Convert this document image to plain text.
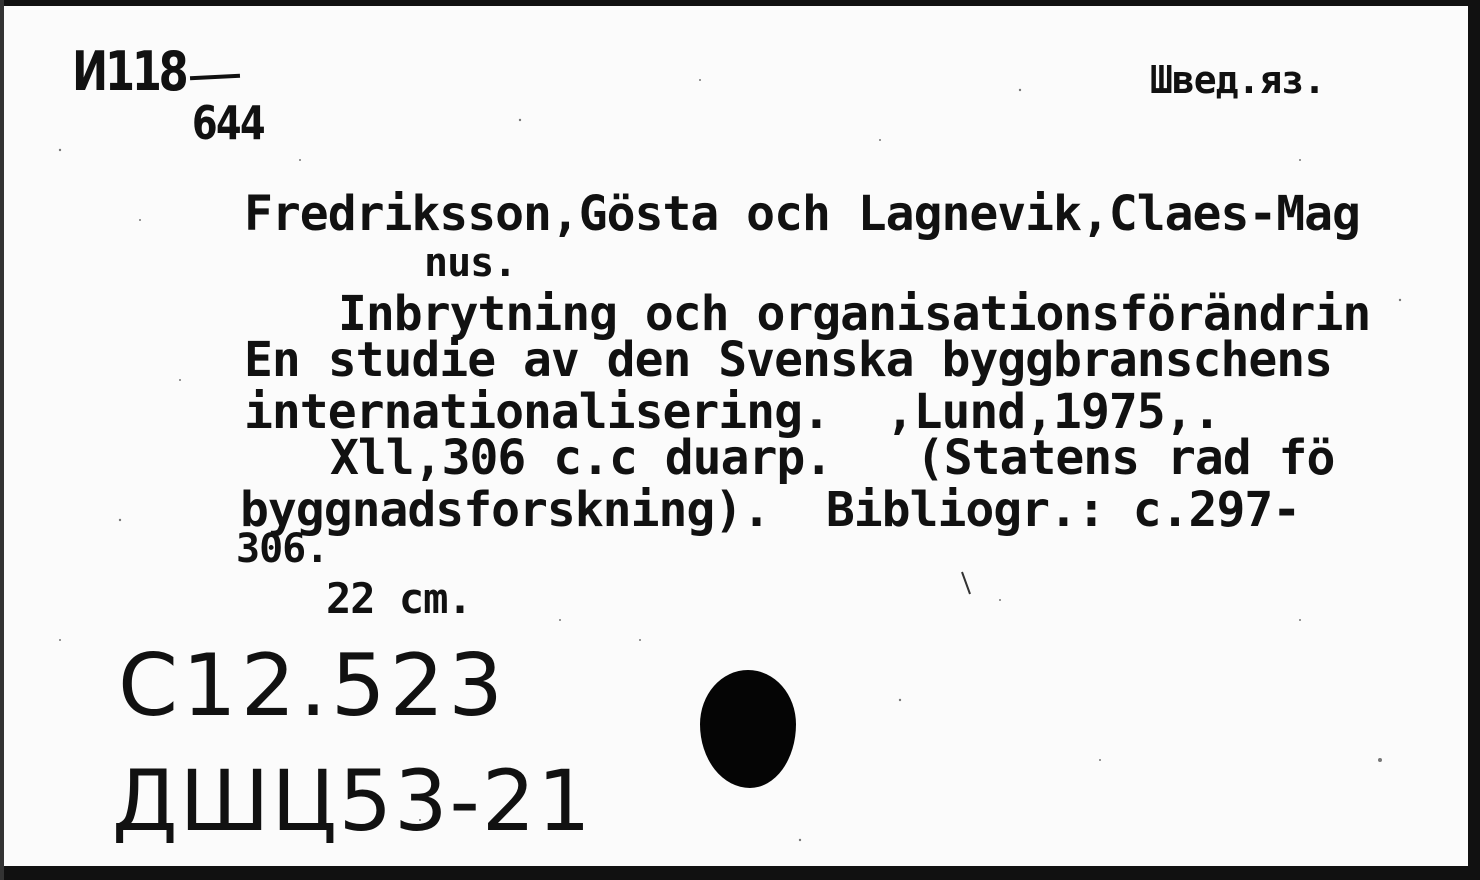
И118
644
Швед.яз.
Fredriksson,Gösta och Lagnevik,Claes-Mag
nus.
Inbrytning och organisationsförändrin
En studie av den Svenska byggbranschens
internationalisering.  ‚Lund,1975‚.
Xll,306 c.c duarp.   (Statens rad fö
byggnadsforskning).  Bibliogr.: c.297-
306.
22 cm.
C12.523
ДШЦ53-21
